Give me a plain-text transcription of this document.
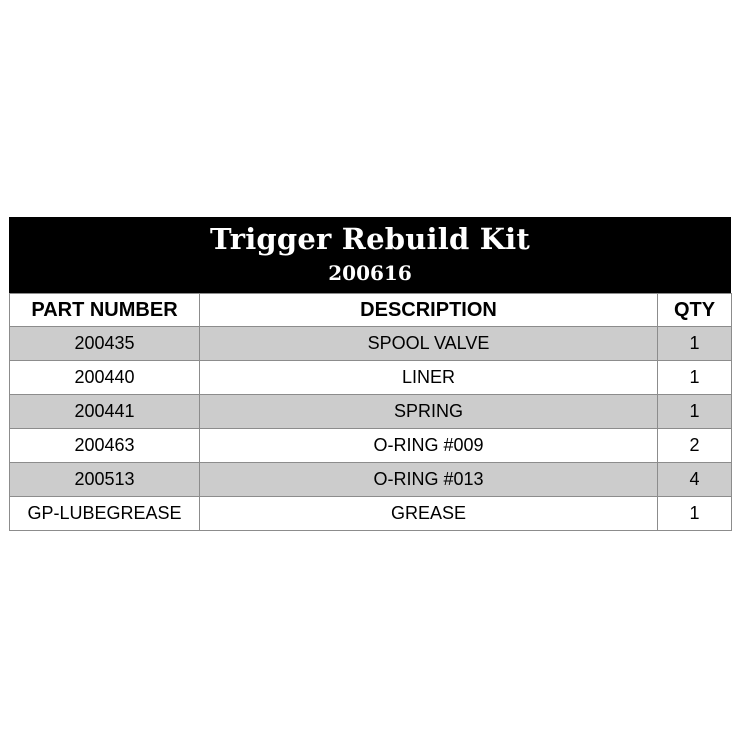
Trigger Rebuild Kit
200616
PART NUMBER	DESCRIPTION	QTY
200435	SPOOL VALVE	1
200440	LINER	1
200441	SPRING	1
200463	O-RING #009	2
200513	O-RING #013	4
GP-LUBEGREASE	GREASE	1
